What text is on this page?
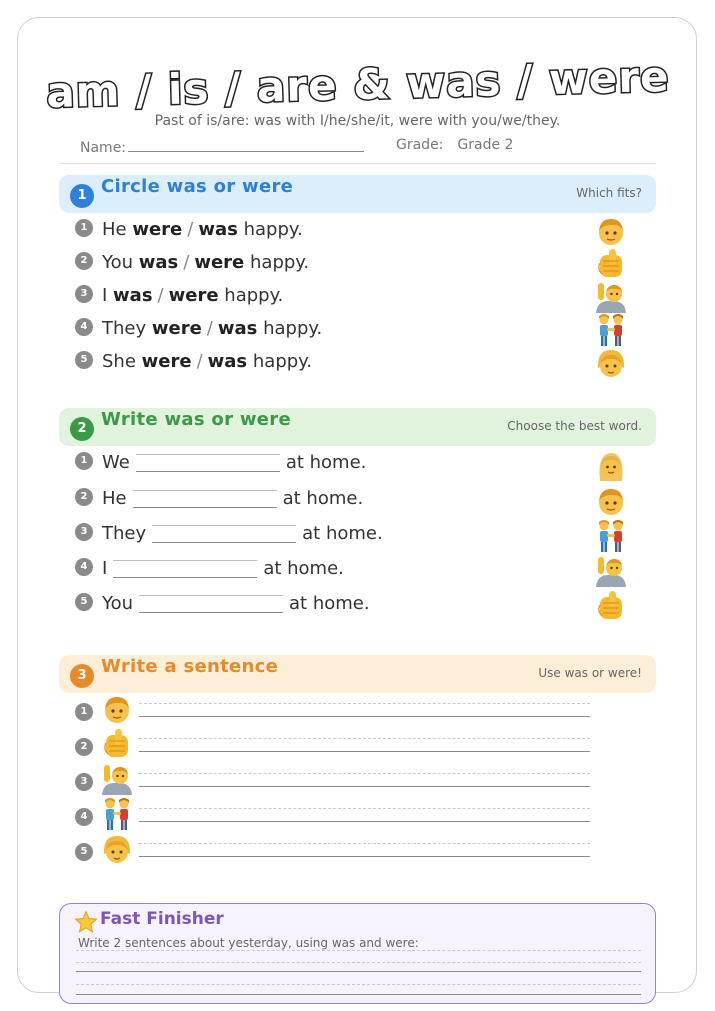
am / is / are & was / were
Past of is/are: was with I/he/she/it, were with you/we/they.
Name:	Grade: Grade 2
1 Circle was or were	Which fits?
1 He were / was happy.
2 You was / were happy.
3 I was / were happy.
4 They were / was happy.
5 She were / was happy.
2 Write was or were	Choose the best word.
1 We	at home.
2 He	at home.
3 They	at home.
4 I	at home.
5 You	at home.
3 Write a sentence	Use was or were!
1
2
3
4
5
Fast Finisher
Write 2 sentences about yesterday, using was and were:
